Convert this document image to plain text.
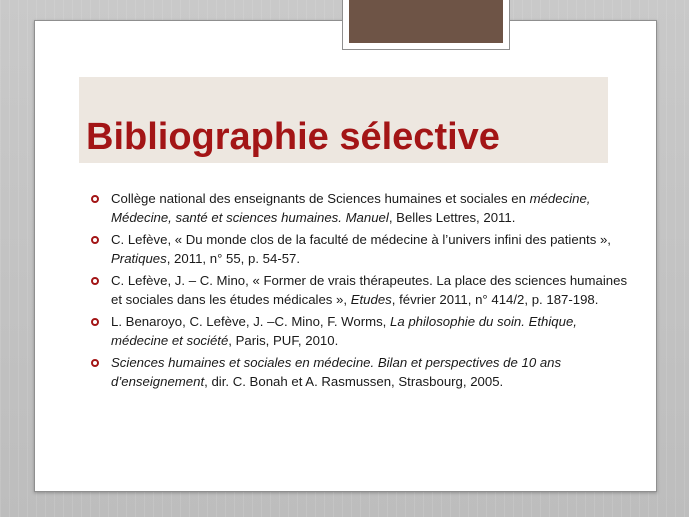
Bibliographie sélective
Collège national des enseignants de Sciences humaines et sociales en médecine, Médecine, santé et sciences humaines. Manuel, Belles Lettres, 2011.
C. Lefève, « Du monde clos de la faculté de médecine à l’univers infini des patients », Pratiques, 2011, n° 55, p. 54-57.
C. Lefève, J. – C. Mino, « Former de vrais thérapeutes. La place des sciences humaines et sociales dans les études médicales », Etudes, février 2011, n° 414/2, p. 187-198.
L. Benaroyo, C. Lefève, J. –C. Mino, F. Worms, La philosophie du soin. Ethique, médecine et société, Paris, PUF, 2010.
Sciences humaines et sociales en médecine. Bilan et perspectives de 10 ans d’enseignement, dir. C. Bonah et A. Rasmussen, Strasbourg, 2005.
